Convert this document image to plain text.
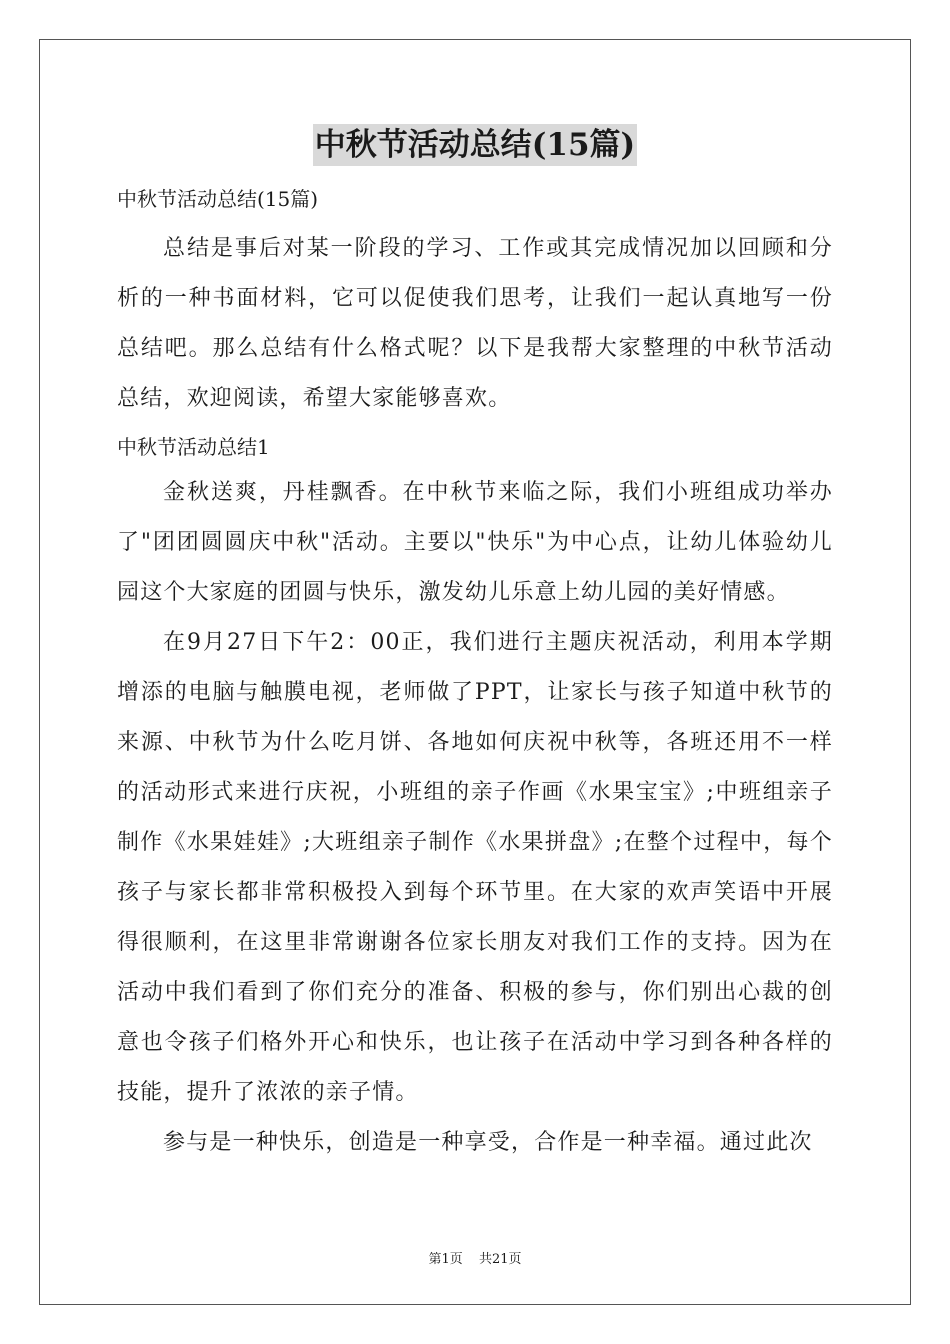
中秋节活动总结(15篇)
中秋节活动总结(15篇)

总结是事后对某一阶段的学习、工作或其完成情况加以回顾和分析的一种书面材料，它可以促使我们思考，让我们一起认真地写一份总结吧。那么总结有什么格式呢？以下是我帮大家整理的中秋节活动总结，欢迎阅读，希望大家能够喜欢。

中秋节活动总结1

金秋送爽，丹桂飘香。在中秋节来临之际，我们小班组成功举办了"团团圆圆庆中秋"活动。主要以"快乐"为中心点，让幼儿体验幼儿园这个大家庭的团圆与快乐，激发幼儿乐意上幼儿园的美好情感。

在9月27日下午2：00正，我们进行主题庆祝活动，利用本学期增添的电脑与触膜电视，老师做了PPT，让家长与孩子知道中秋节的来源、中秋节为什么吃月饼、各地如何庆祝中秋等，各班还用不一样的活动形式来进行庆祝，小班组的亲子作画《水果宝宝》;中班组亲子制作《水果娃娃》;大班组亲子制作《水果拼盘》;在整个过程中，每个孩子与家长都非常积极投入到每个环节里。在大家的欢声笑语中开展得很顺利，在这里非常谢谢各位家长朋友对我们工作的支持。因为在活动中我们看到了你们充分的准备、积极的参与，你们别出心裁的创意也令孩子们格外开心和快乐，也让孩子在活动中学习到各种各样的技能，提升了浓浓的亲子情。

参与是一种快乐，创造是一种享受，合作是一种幸福。通过此次

第1页 共21页
